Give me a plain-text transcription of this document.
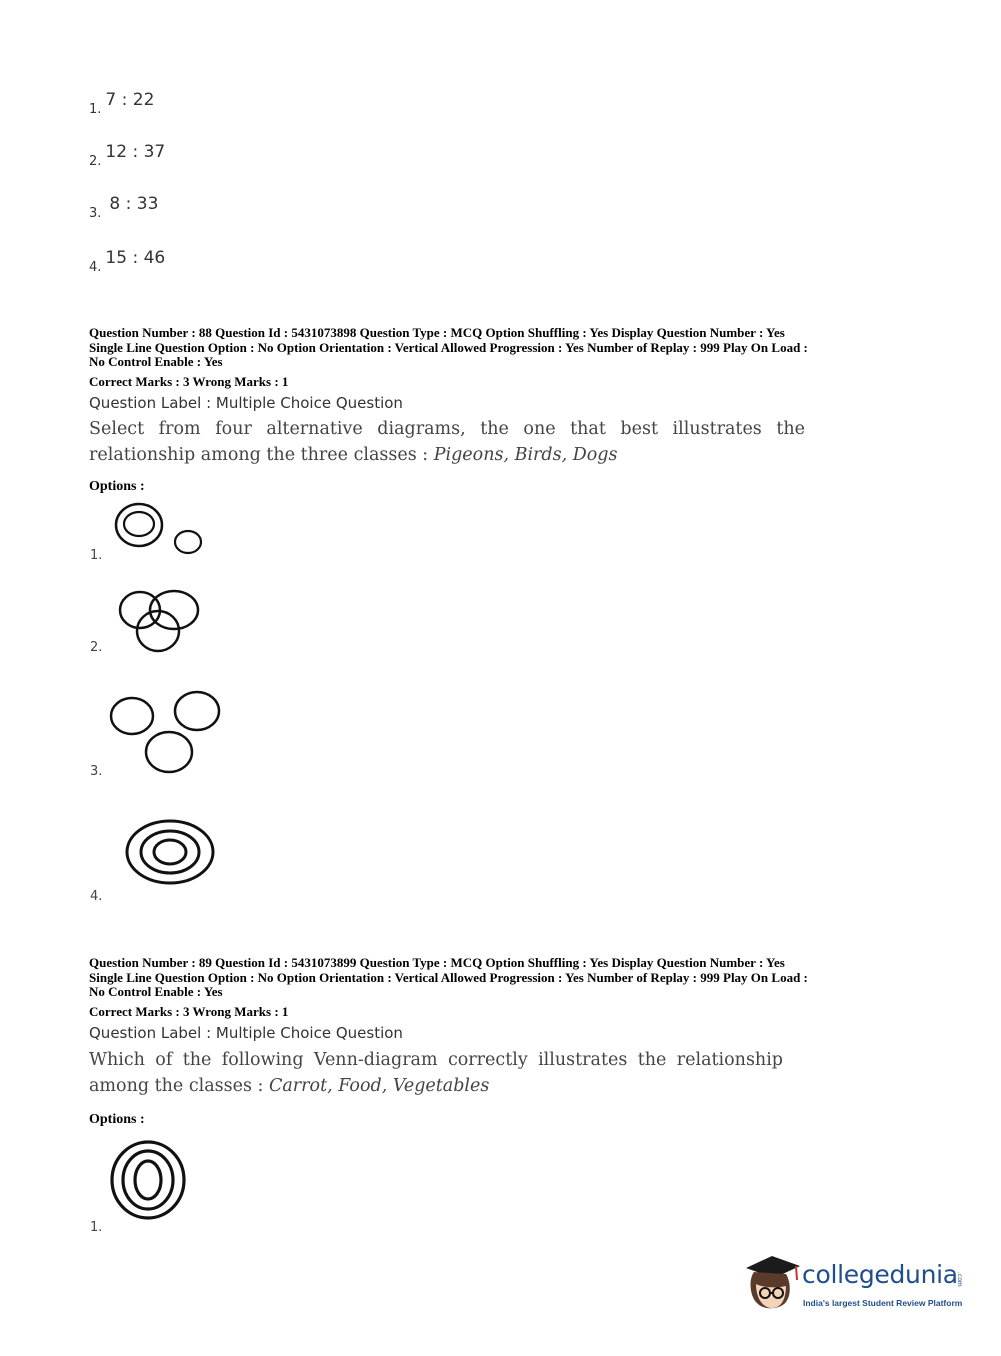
$_{1.}$ 7 : 22
$_{2.}$ 12 : 37
$_{3.}$ 8 : 33
$_{4.}$ 15 : 46
Question Number : 88 Question Id : 5431073898 Question Type : MCQ Option Shuffling : Yes Display Question Number : Yes
Single Line Question Option : No Option Orientation : Vertical Allowed Progression : Yes Number of Replay : 999 Play On Load :
No Control Enable : Yes
Correct Marks : 3 Wrong Marks : 1
Question Label : Multiple Choice Question
Select from four alternative diagrams, the one that best illustrates the
relationship among the three classes : Pigeons, Birds, Dogs
Options :
1.
2.
3.
4.
Question Number : 89 Question Id : 5431073899 Question Type : MCQ Option Shuffling : Yes Display Question Number : Yes
Single Line Question Option : No Option Orientation : Vertical Allowed Progression : Yes Number of Replay : 999 Play On Load :
No Control Enable : Yes
Correct Marks : 3 Wrong Marks : 1
Question Label : Multiple Choice Question
Which of the following Venn-diagram correctly illustrates the relationship
among the classes : Carrot, Food, Vegetables
Options :
1.
collegedunia
.com
India's largest Student Review Platform
